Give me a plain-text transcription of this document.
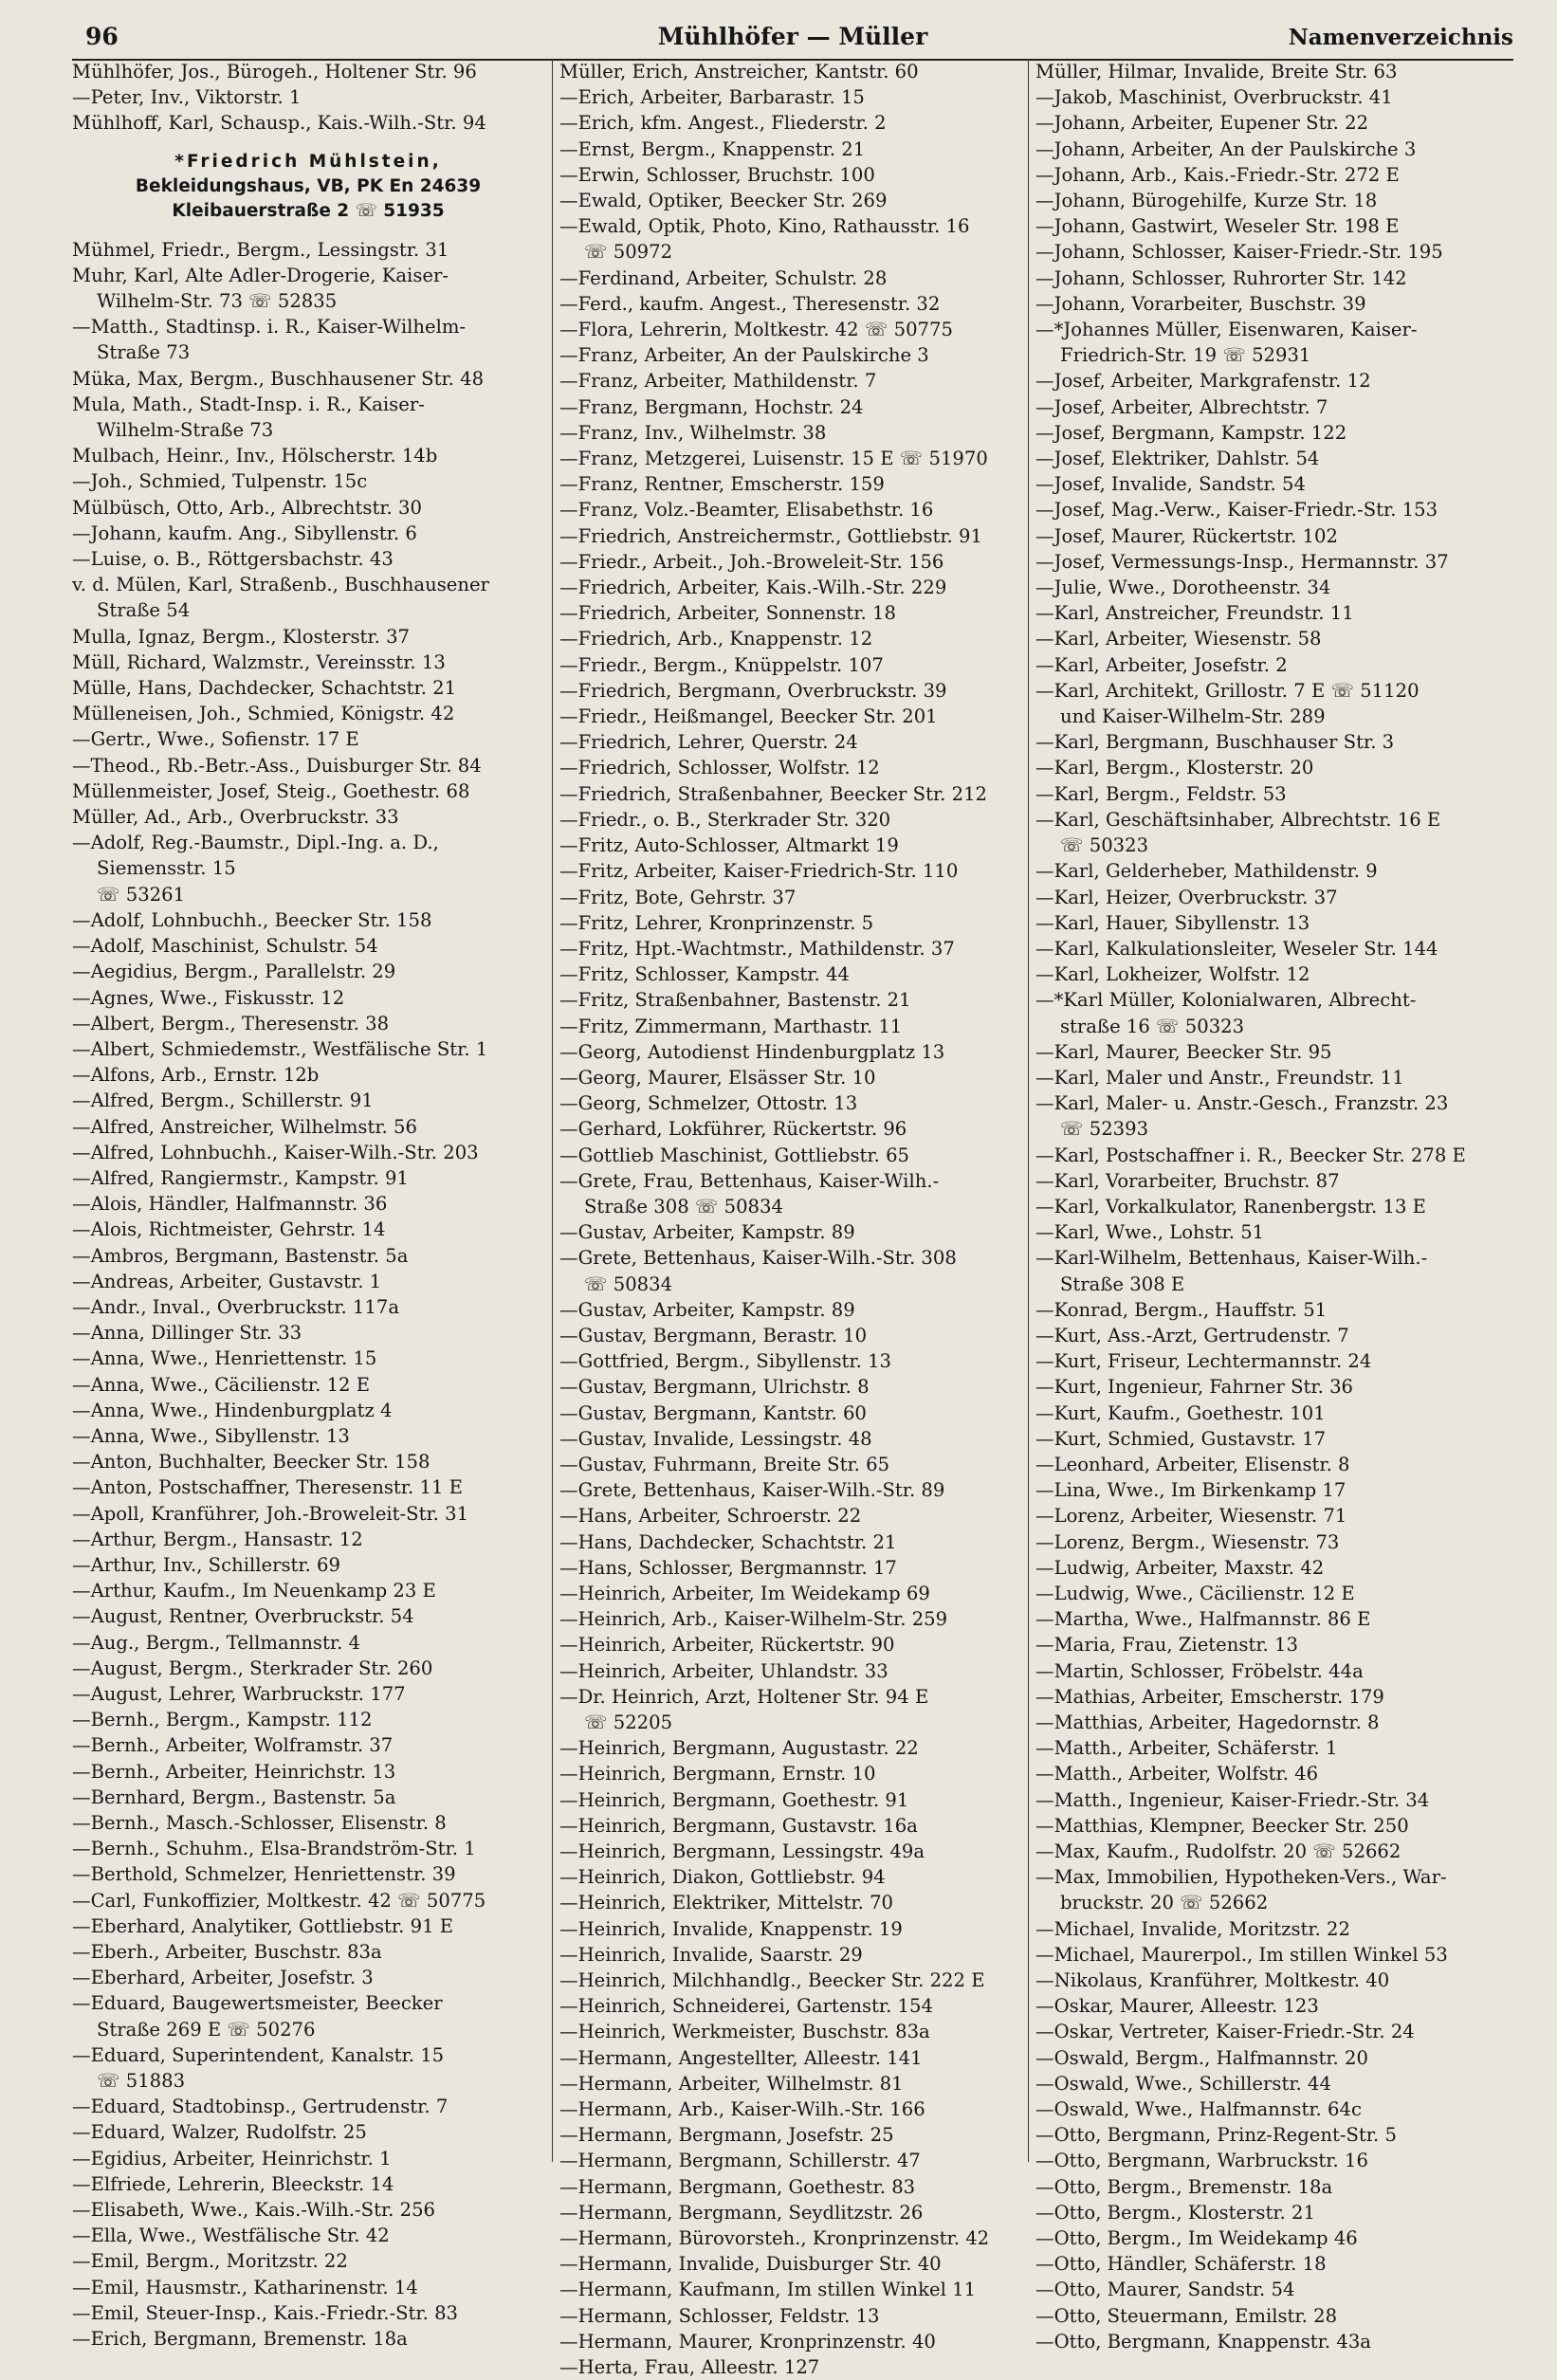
96	Mühlhöfer — Müller	Namenverzeichnis
Mühlhöfer, Jos., Bürogeh., Holtener Str. 96
—Peter, Inv., Viktorstr. 1
Mühlhoff, Karl, Schausp., Kais.-Wilh.-Str. 94
*Friedrich Mühlstein,
Bekleidungshaus, VB, PK En 24639
Kleibauerstraße 2 ☏ 51935
Mühmel, Friedr., Bergm., Lessingstr. 31
Muhr, Karl, Alte Adler-Drogerie, Kaiser-
Wilhelm-Str. 73 ☏ 52835
—Matth., Stadtinsp. i. R., Kaiser-Wilhelm-
Straße 73
Müka, Max, Bergm., Buschhausener Str. 48
Mula, Math., Stadt-Insp. i. R., Kaiser-
Wilhelm-Straße 73
Mulbach, Heinr., Inv., Hölscherstr. 14b
—Joh., Schmied, Tulpenstr. 15c
Mülbüsch, Otto, Arb., Albrechtstr. 30
—Johann, kaufm. Ang., Sibyllenstr. 6
—Luise, o. B., Röttgersbachstr. 43
v. d. Mülen, Karl, Straßenb., Buschhausener
Straße 54
Mulla, Ignaz, Bergm., Klosterstr. 37
Müll, Richard, Walzmstr., Vereinsstr. 13
Mülle, Hans, Dachdecker, Schachtstr. 21
Mülleneisen, Joh., Schmied, Königstr. 42
—Gertr., Wwe., Sofienstr. 17 E
—Theod., Rb.-Betr.-Ass., Duisburger Str. 84
Müllenmeister, Josef, Steig., Goethestr. 68
Müller, Ad., Arb., Overbruckstr. 33
—Adolf, Reg.-Baumstr., Dipl.-Ing. a. D.,
Siemensstr. 15
☏ 53261
—Adolf, Lohnbuchh., Beecker Str. 158
—Adolf, Maschinist, Schulstr. 54
—Aegidius, Bergm., Parallelstr. 29
—Agnes, Wwe., Fiskusstr. 12
—Albert, Bergm., Theresenstr. 38
—Albert, Schmiedemstr., Westfälische Str. 1
—Alfons, Arb., Ernstr. 12b
—Alfred, Bergm., Schillerstr. 91
—Alfred, Anstreicher, Wilhelmstr. 56
—Alfred, Lohnbuchh., Kaiser-Wilh.-Str. 203
—Alfred, Rangiermstr., Kampstr. 91
—Alois, Händler, Halfmannstr. 36
—Alois, Richtmeister, Gehrstr. 14
—Ambros, Bergmann, Bastenstr. 5a
—Andreas, Arbeiter, Gustavstr. 1
—Andr., Inval., Overbruckstr. 117a
—Anna, Dillinger Str. 33
—Anna, Wwe., Henriettenstr. 15
—Anna, Wwe., Cäcilienstr. 12 E
—Anna, Wwe., Hindenburgplatz 4
—Anna, Wwe., Sibyllenstr. 13
—Anton, Buchhalter, Beecker Str. 158
—Anton, Postschaffner, Theresenstr. 11 E
—Apoll, Kranführer, Joh.-Broweleit-Str. 31
—Arthur, Bergm., Hansastr. 12
—Arthur, Inv., Schillerstr. 69
—Arthur, Kaufm., Im Neuenkamp 23 E
—August, Rentner, Overbruckstr. 54
—Aug., Bergm., Tellmannstr. 4
—August, Bergm., Sterkrader Str. 260
—August, Lehrer, Warbruckstr. 177
—Bernh., Bergm., Kampstr. 112
—Bernh., Arbeiter, Wolframstr. 37
—Bernh., Arbeiter, Heinrichstr. 13
—Bernhard, Bergm., Bastenstr. 5a
—Bernh., Masch.-Schlosser, Elisenstr. 8
—Bernh., Schuhm., Elsa-Brandström-Str. 1
—Berthold, Schmelzer, Henriettenstr. 39
—Carl, Funkoffizier, Moltkestr. 42 ☏ 50775
—Eberhard, Analytiker, Gottliebstr. 91 E
—Eberh., Arbeiter, Buschstr. 83a
—Eberhard, Arbeiter, Josefstr. 3
—Eduard, Baugewertsmeister, Beecker
Straße 269 E ☏ 50276
—Eduard, Superintendent, Kanalstr. 15
☏ 51883
—Eduard, Stadtobinsp., Gertrudenstr. 7
—Eduard, Walzer, Rudolfstr. 25
—Egidius, Arbeiter, Heinrichstr. 1
—Elfriede, Lehrerin, Bleeckstr. 14
—Elisabeth, Wwe., Kais.-Wilh.-Str. 256
—Ella, Wwe., Westfälische Str. 42
—Emil, Bergm., Moritzstr. 22
—Emil, Hausmstr., Katharinenstr. 14
—Emil, Steuer-Insp., Kais.-Friedr.-Str. 83
—Erich, Bergmann, Bremenstr. 18a
Müller, Erich, Anstreicher, Kantstr. 60
—Erich, Arbeiter, Barbarastr. 15
—Erich, kfm. Angest., Fliederstr. 2
—Ernst, Bergm., Knappenstr. 21
—Erwin, Schlosser, Bruchstr. 100
—Ewald, Optiker, Beecker Str. 269
—Ewald, Optik, Photo, Kino, Rathausstr. 16
☏ 50972
—Ferdinand, Arbeiter, Schulstr. 28
—Ferd., kaufm. Angest., Theresenstr. 32
—Flora, Lehrerin, Moltkestr. 42 ☏ 50775
—Franz, Arbeiter, An der Paulskirche 3
—Franz, Arbeiter, Mathildenstr. 7
—Franz, Bergmann, Hochstr. 24
—Franz, Inv., Wilhelmstr. 38
—Franz, Metzgerei, Luisenstr. 15 E ☏ 51970
—Franz, Rentner, Emscherstr. 159
—Franz, Volz.-Beamter, Elisabethstr. 16
—Friedrich, Anstreichermstr., Gottliebstr. 91
—Friedr., Arbeit., Joh.-Broweleit-Str. 156
—Friedrich, Arbeiter, Kais.-Wilh.-Str. 229
—Friedrich, Arbeiter, Sonnenstr. 18
—Friedrich, Arb., Knappenstr. 12
—Friedr., Bergm., Knüppelstr. 107
—Friedrich, Bergmann, Overbruckstr. 39
—Friedr., Heißmangel, Beecker Str. 201
—Friedrich, Lehrer, Querstr. 24
—Friedrich, Schlosser, Wolfstr. 12
—Friedrich, Straßenbahner, Beecker Str. 212
—Friedr., o. B., Sterkrader Str. 320
—Fritz, Auto-Schlosser, Altmarkt 19
—Fritz, Arbeiter, Kaiser-Friedrich-Str. 110
—Fritz, Bote, Gehrstr. 37
—Fritz, Lehrer, Kronprinzenstr. 5
—Fritz, Hpt.-Wachtmstr., Mathildenstr. 37
—Fritz, Schlosser, Kampstr. 44
—Fritz, Straßenbahner, Bastenstr. 21
—Fritz, Zimmermann, Marthastr. 11
—Georg, Autodienst Hindenburgplatz 13
—Georg, Maurer, Elsässer Str. 10
—Georg, Schmelzer, Ottostr. 13
—Gerhard, Lokführer, Rückertstr. 96
—Gottlieb Maschinist, Gottliebstr. 65
—Grete, Frau, Bettenhaus, Kaiser-Wilh.-
Straße 308 ☏ 50834
—Gustav, Arbeiter, Kampstr. 89
—Grete, Bettenhaus, Kaiser-Wilh.-Str. 308
☏ 50834
—Gustav, Arbeiter, Kampstr. 89
—Gustav, Bergmann, Berastr. 10
—Gottfried, Bergm., Sibyllenstr. 13
—Gustav, Bergmann, Ulrichstr. 8
—Gustav, Bergmann, Kantstr. 60
—Gustav, Invalide, Lessingstr. 48
—Gustav, Fuhrmann, Breite Str. 65
—Grete, Bettenhaus, Kaiser-Wilh.-Str. 89
—Hans, Arbeiter, Schroerstr. 22
—Hans, Dachdecker, Schachtstr. 21
—Hans, Schlosser, Bergmannstr. 17
—Heinrich, Arbeiter, Im Weidekamp 69
—Heinrich, Arb., Kaiser-Wilhelm-Str. 259
—Heinrich, Arbeiter, Rückertstr. 90
—Heinrich, Arbeiter, Uhlandstr. 33
—Dr. Heinrich, Arzt, Holtener Str. 94 E
☏ 52205
—Heinrich, Bergmann, Augustastr. 22
—Heinrich, Bergmann, Ernstr. 10
—Heinrich, Bergmann, Goethestr. 91
—Heinrich, Bergmann, Gustavstr. 16a
—Heinrich, Bergmann, Lessingstr. 49a
—Heinrich, Diakon, Gottliebstr. 94
—Heinrich, Elektriker, Mittelstr. 70
—Heinrich, Invalide, Knappenstr. 19
—Heinrich, Invalide, Saarstr. 29
—Heinrich, Milchhandlg., Beecker Str. 222 E
—Heinrich, Schneiderei, Gartenstr. 154
—Heinrich, Werkmeister, Buschstr. 83a
—Hermann, Angestellter, Alleestr. 141
—Hermann, Arbeiter, Wilhelmstr. 81
—Hermann, Arb., Kaiser-Wilh.-Str. 166
—Hermann, Bergmann, Josefstr. 25
—Hermann, Bergmann, Schillerstr. 47
—Hermann, Bergmann, Goethestr. 83
—Hermann, Bergmann, Seydlitzstr. 26
—Hermann, Bürovorsteh., Kronprinzenstr. 42
—Hermann, Invalide, Duisburger Str. 40
—Hermann, Kaufmann, Im stillen Winkel 11
—Hermann, Schlosser, Feldstr. 13
—Hermann, Maurer, Kronprinzenstr. 40
—Herta, Frau, Alleestr. 127
Müller, Hilmar, Invalide, Breite Str. 63
—Jakob, Maschinist, Overbruckstr. 41
—Johann, Arbeiter, Eupener Str. 22
—Johann, Arbeiter, An der Paulskirche 3
—Johann, Arb., Kais.-Friedr.-Str. 272 E
—Johann, Bürogehilfe, Kurze Str. 18
—Johann, Gastwirt, Weseler Str. 198 E
—Johann, Schlosser, Kaiser-Friedr.-Str. 195
—Johann, Schlosser, Ruhrorter Str. 142
—Johann, Vorarbeiter, Buschstr. 39
—*Johannes Müller, Eisenwaren, Kaiser-
Friedrich-Str. 19 ☏ 52931
—Josef, Arbeiter, Markgrafenstr. 12
—Josef, Arbeiter, Albrechtstr. 7
—Josef, Bergmann, Kampstr. 122
—Josef, Elektriker, Dahlstr. 54
—Josef, Invalide, Sandstr. 54
—Josef, Mag.-Verw., Kaiser-Friedr.-Str. 153
—Josef, Maurer, Rückertstr. 102
—Josef, Vermessungs-Insp., Hermannstr. 37
—Julie, Wwe., Dorotheenstr. 34
—Karl, Anstreicher, Freundstr. 11
—Karl, Arbeiter, Wiesenstr. 58
—Karl, Arbeiter, Josefstr. 2
—Karl, Architekt, Grillostr. 7 E ☏ 51120
und Kaiser-Wilhelm-Str. 289
—Karl, Bergmann, Buschhauser Str. 3
—Karl, Bergm., Klosterstr. 20
—Karl, Bergm., Feldstr. 53
—Karl, Geschäftsinhaber, Albrechtstr. 16 E
☏ 50323
—Karl, Gelderheber, Mathildenstr. 9
—Karl, Heizer, Overbruckstr. 37
—Karl, Hauer, Sibyllenstr. 13
—Karl, Kalkulationsleiter, Weseler Str. 144
—Karl, Lokheizer, Wolfstr. 12
—*Karl Müller, Kolonialwaren, Albrecht-
straße 16 ☏ 50323
—Karl, Maurer, Beecker Str. 95
—Karl, Maler und Anstr., Freundstr. 11
—Karl, Maler- u. Anstr.-Gesch., Franzstr. 23
☏ 52393
—Karl, Postschaffner i. R., Beecker Str. 278 E
—Karl, Vorarbeiter, Bruchstr. 87
—Karl, Vorkalkulator, Ranenbergstr. 13 E
—Karl, Wwe., Lohstr. 51
—Karl-Wilhelm, Bettenhaus, Kaiser-Wilh.-
Straße 308 E
—Konrad, Bergm., Hauffstr. 51
—Kurt, Ass.-Arzt, Gertrudenstr. 7
—Kurt, Friseur, Lechtermannstr. 24
—Kurt, Ingenieur, Fahrner Str. 36
—Kurt, Kaufm., Goethestr. 101
—Kurt, Schmied, Gustavstr. 17
—Leonhard, Arbeiter, Elisenstr. 8
—Lina, Wwe., Im Birkenkamp 17
—Lorenz, Arbeiter, Wiesenstr. 71
—Lorenz, Bergm., Wiesenstr. 73
—Ludwig, Arbeiter, Maxstr. 42
—Ludwig, Wwe., Cäcilienstr. 12 E
—Martha, Wwe., Halfmannstr. 86 E
—Maria, Frau, Zietenstr. 13
—Martin, Schlosser, Fröbelstr. 44a
—Mathias, Arbeiter, Emscherstr. 179
—Matthias, Arbeiter, Hagedornstr. 8
—Matth., Arbeiter, Schäferstr. 1
—Matth., Arbeiter, Wolfstr. 46
—Matth., Ingenieur, Kaiser-Friedr.-Str. 34
—Matthias, Klempner, Beecker Str. 250
—Max, Kaufm., Rudolfstr. 20 ☏ 52662
—Max, Immobilien, Hypotheken-Vers., War-
bruckstr. 20 ☏ 52662
—Michael, Invalide, Moritzstr. 22
—Michael, Maurerpol., Im stillen Winkel 53
—Nikolaus, Kranführer, Moltkestr. 40
—Oskar, Maurer, Alleestr. 123
—Oskar, Vertreter, Kaiser-Friedr.-Str. 24
—Oswald, Bergm., Halfmannstr. 20
—Oswald, Wwe., Schillerstr. 44
—Oswald, Wwe., Halfmannstr. 64c
—Otto, Bergmann, Prinz-Regent-Str. 5
—Otto, Bergmann, Warbruckstr. 16
—Otto, Bergm., Bremenstr. 18a
—Otto, Bergm., Klosterstr. 21
—Otto, Bergm., Im Weidekamp 46
—Otto, Händler, Schäferstr. 18
—Otto, Maurer, Sandstr. 54
—Otto, Steuermann, Emilstr. 28
—Otto, Bergmann, Knappenstr. 43a
